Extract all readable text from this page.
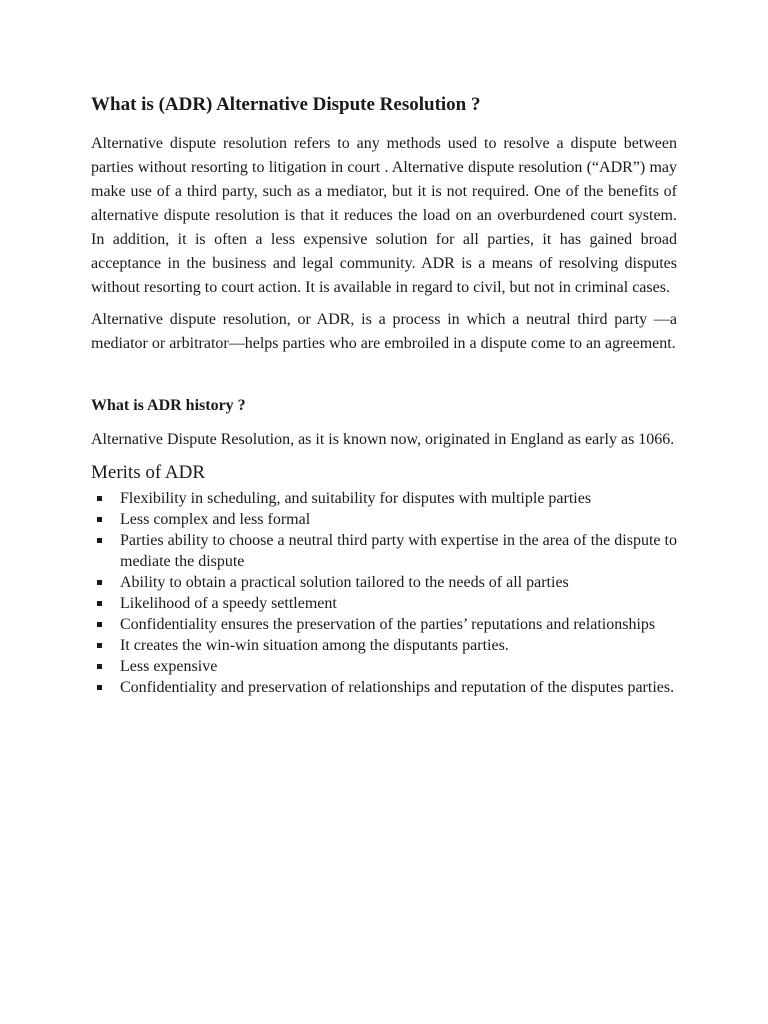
What is (ADR) Alternative Dispute Resolution ?

Alternative dispute resolution refers to any methods used to resolve a dispute between parties without resorting to litigation in court . Alternative dispute resolution (“ADR”) may make use of a third party, such as a mediator, but it is not required. One of the benefits of alternative dispute resolution is that it reduces the load on an overburdened court system. In addition, it is often a less expensive solution for all parties, it has gained broad acceptance in the business and legal community. ADR is a means of resolving disputes without resorting to court action. It is available in regard to civil, but not in criminal cases.

Alternative dispute resolution, or ADR, is a process in which a neutral third party —a mediator or arbitrator—helps parties who are embroiled in a dispute come to an agreement.

What is ADR history ?

Alternative Dispute Resolution, as it is known now, originated in England as early as 1066.

Merits of ADR
Flexibility in scheduling, and suitability for disputes with multiple parties
Less complex and less formal
Parties ability to choose a neutral third party with expertise in the area of the dispute to mediate the dispute
Ability to obtain a practical solution tailored to the needs of all parties
Likelihood of a speedy settlement
Confidentiality ensures the preservation of the parties’ reputations and relationships
It creates the win-win situation among the disputants parties.
Less expensive
Confidentiality and preservation of relationships and reputation of the disputes parties.
